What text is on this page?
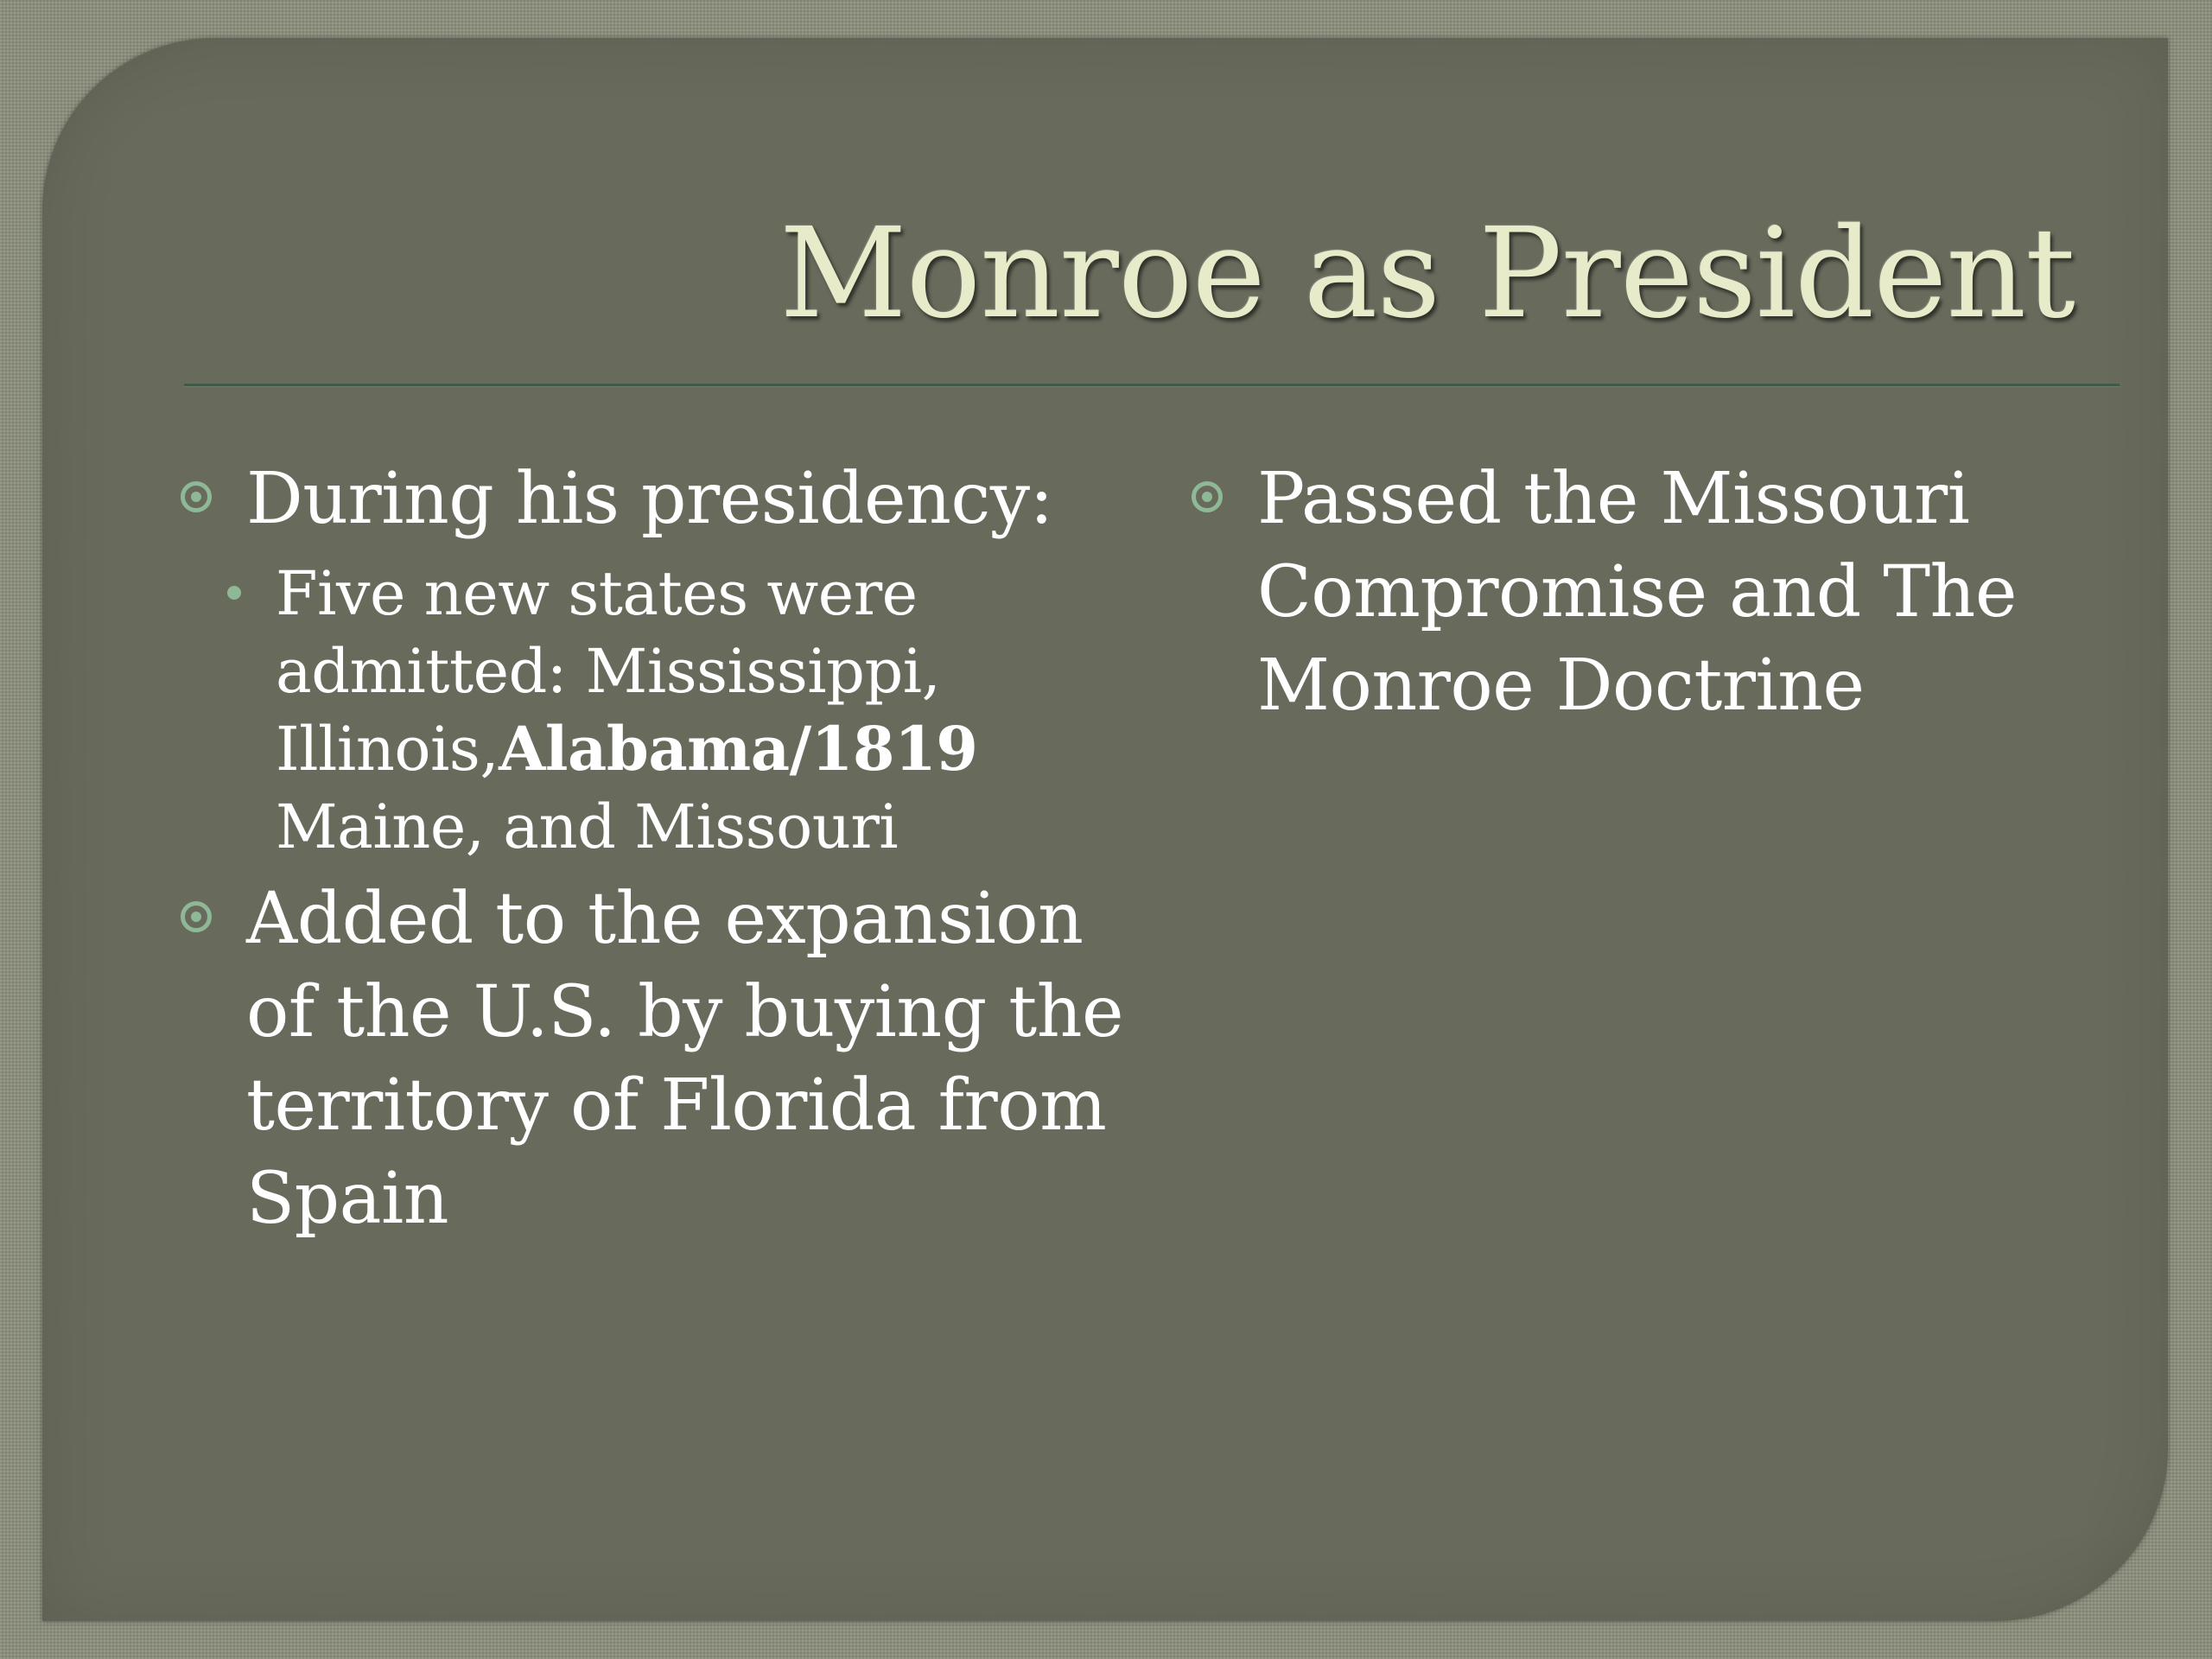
Monroe as President
During his presidency:
Five new states were admitted: Mississippi, Illinois,Alabama/1819 Maine, and Missouri
Added to the expansion of the U.S. by buying the territory of Florida from Spain
Passed the Missouri Compromise and The Monroe Doctrine
